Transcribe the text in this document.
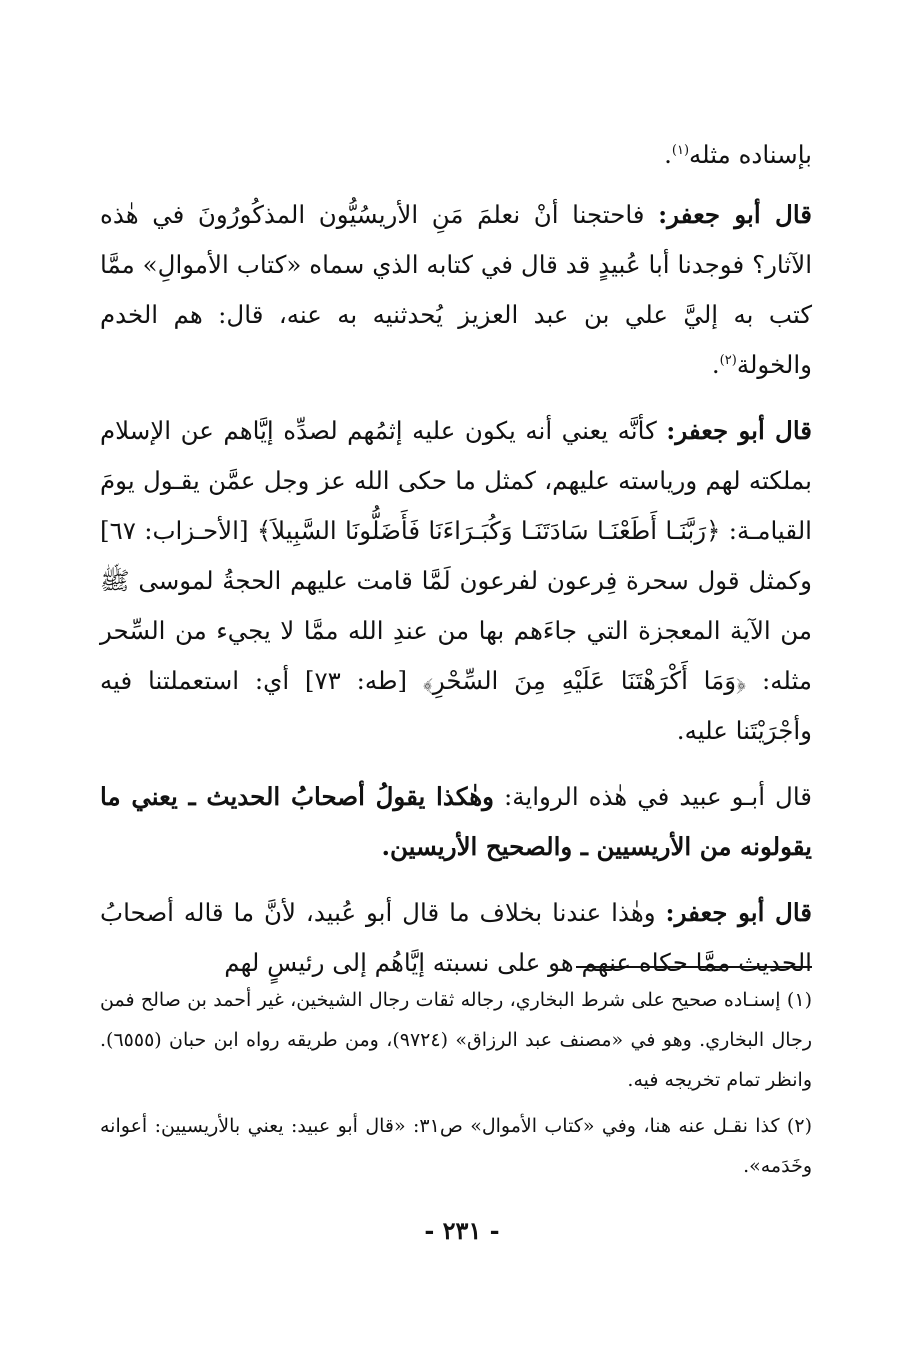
بإسناده مثله$^{(١)}$.

قال أبو جعفر: فاحتجنا أنْ نعلمَ مَنِ الأريسُيُّون المذكُورُونَ في هٰذه الآثار؟ فوجدنا أبا عُبيدٍ قد قال في كتابه الذي سماه «كتاب الأموالِ» ممَّا كتب به إليَّ علي بن عبد العزيز يُحدثنيه به عنه، قال: هم الخدم والخولة$^{(٢)}$.

قال أبو جعفر: كأنَّه يعني أنه يكون عليه إثمُهم لصدِّه إيَّاهم عن الإسلام بملكته لهم ورياسته عليهم، كمثل ما حكى الله عز وجل عمَّن يقـول يومَ القيامـة: ﴿رَبَّنَـا أَطَعْنَـا سَادَتَنَـا وَكُبَـرَاءَنَا فَأَضَلُّونَا السَّبِيلاَ﴾ [الأحـزاب: ٦٧] وكمثل قول سحرة فِرعون لفرعون لَمَّا قامت عليهم الحجةُ لموسى ﷺ من الآية المعجزة التي جاءَهم بها من عندِ الله ممَّا لا يجيء من السِّحر مثله: ﴿وَمَا أَكْرَهْتَنَا عَلَيْهِ مِنَ السِّحْرِ﴾ [طه: ٧٣] أي: استعملتنا فيه وأجْرَيْتَنا عليه.

قال أبـو عبيد في هٰذه الرواية: وهٰكذا يقولُ أصحابُ الحديث ـ يعني ما يقولونه من الأريسيين ـ والصحيح الأريسين.

قال أبو جعفر: وهٰذا عندنا بخلاف ما قال أبو عُبيد، لأنَّ ما قاله أصحابُ الحديث ممَّا حكاه عنهم هو على نسبته إيَّاهُم إلى رئيسٍ لهم

(١) إسنـاده صحيح على شرط البخاري، رجاله ثقات رجال الشيخين، غير أحمد بن صالح فمن رجال البخاري. وهو في «مصنف عبد الرزاق» (٩٧٢٤)، ومن طريقه رواه ابن حبان (٦٥٥٥). وانظر تمام تخريجه فيه.

(٢) كذا نقـل عنه هنا، وفي «كتاب الأموال» ص٣١: «قال أبو عبيد: يعني بالأريسيين: أعوانه وخَدَمه».

- ٢٣١ -
